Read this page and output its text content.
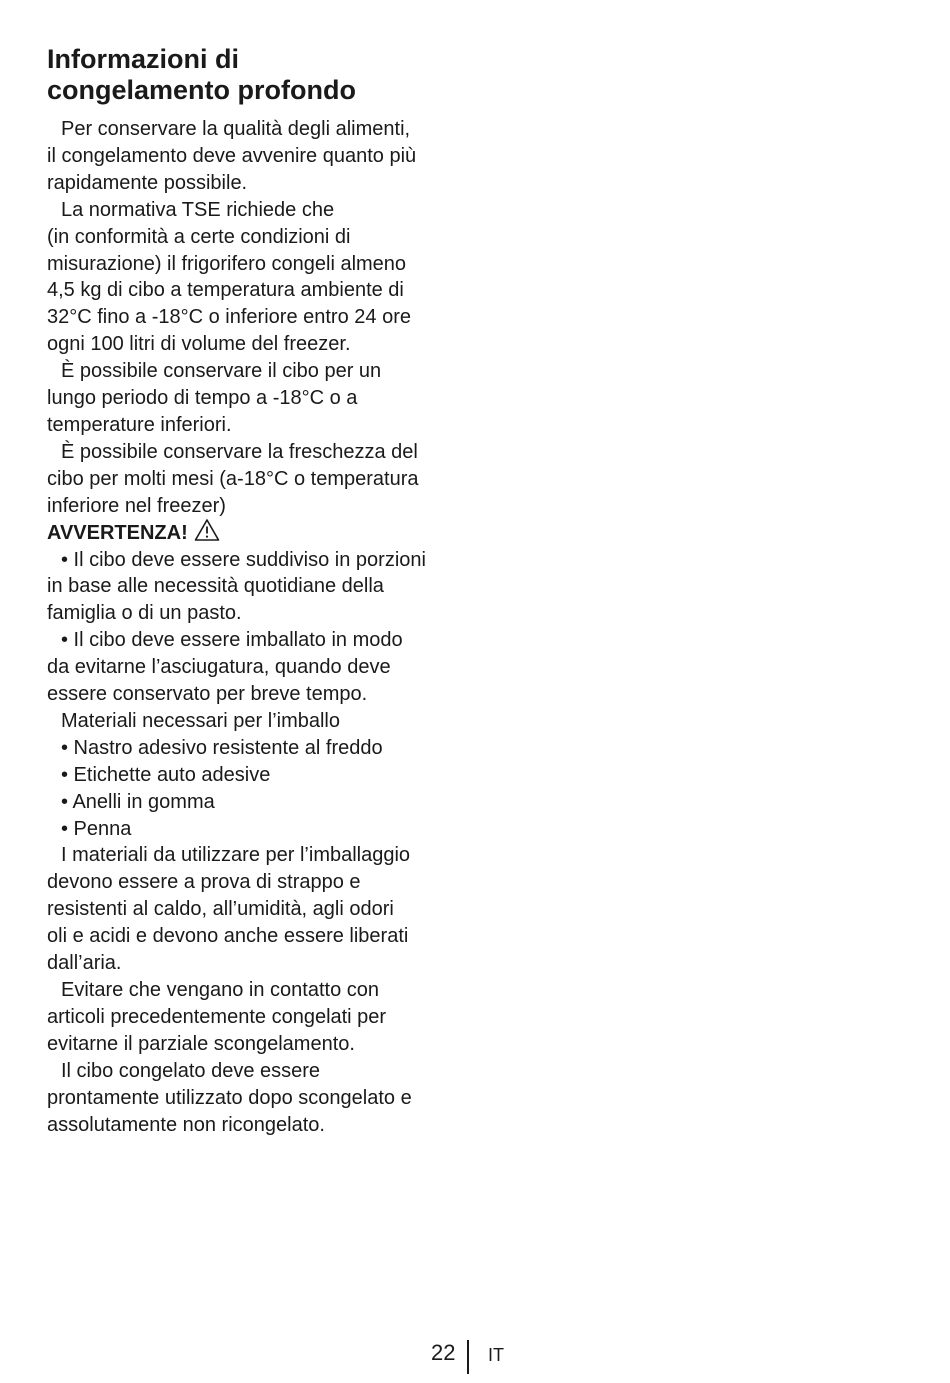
Informazioni di
congelamento profondo

Per conservare la qualità degli alimenti,

il congelamento deve avvenire quanto più

rapidamente possibile.

La normativa TSE richiede che

(in conformità a certe condizioni di

misurazione) il frigorifero congeli almeno

4,5 kg di cibo a temperatura ambiente di

32°C fino a -18°C o inferiore entro 24 ore

ogni 100 litri di volume del freezer.

È possibile conservare il cibo per un

lungo periodo di tempo a -18°C o a

temperature inferiori.

È possibile conservare la freschezza del

cibo per molti mesi (a-18°C o temperatura

inferiore nel freezer)

AVVERTENZA!

• Il cibo deve essere suddiviso in porzioni

in base alle necessità quotidiane della

famiglia o di un pasto.

• Il cibo deve essere imballato in modo

da evitarne l’asciugatura, quando deve

essere conservato per breve tempo.

Materiali necessari per l’imballo

• Nastro adesivo resistente al freddo

• Etichette auto adesive

• Anelli in gomma

• Penna

I materiali da utilizzare per l’imballaggio

devono essere a prova di strappo e

resistenti al caldo, all’umidità, agli odori

oli e acidi e devono anche essere liberati

dall’aria.

Evitare che vengano in contatto con

articoli precedentemente congelati per

evitarne il parziale scongelamento.

Il cibo congelato deve essere

prontamente utilizzato dopo scongelato e

assolutamente non ricongelato.

22 IT
